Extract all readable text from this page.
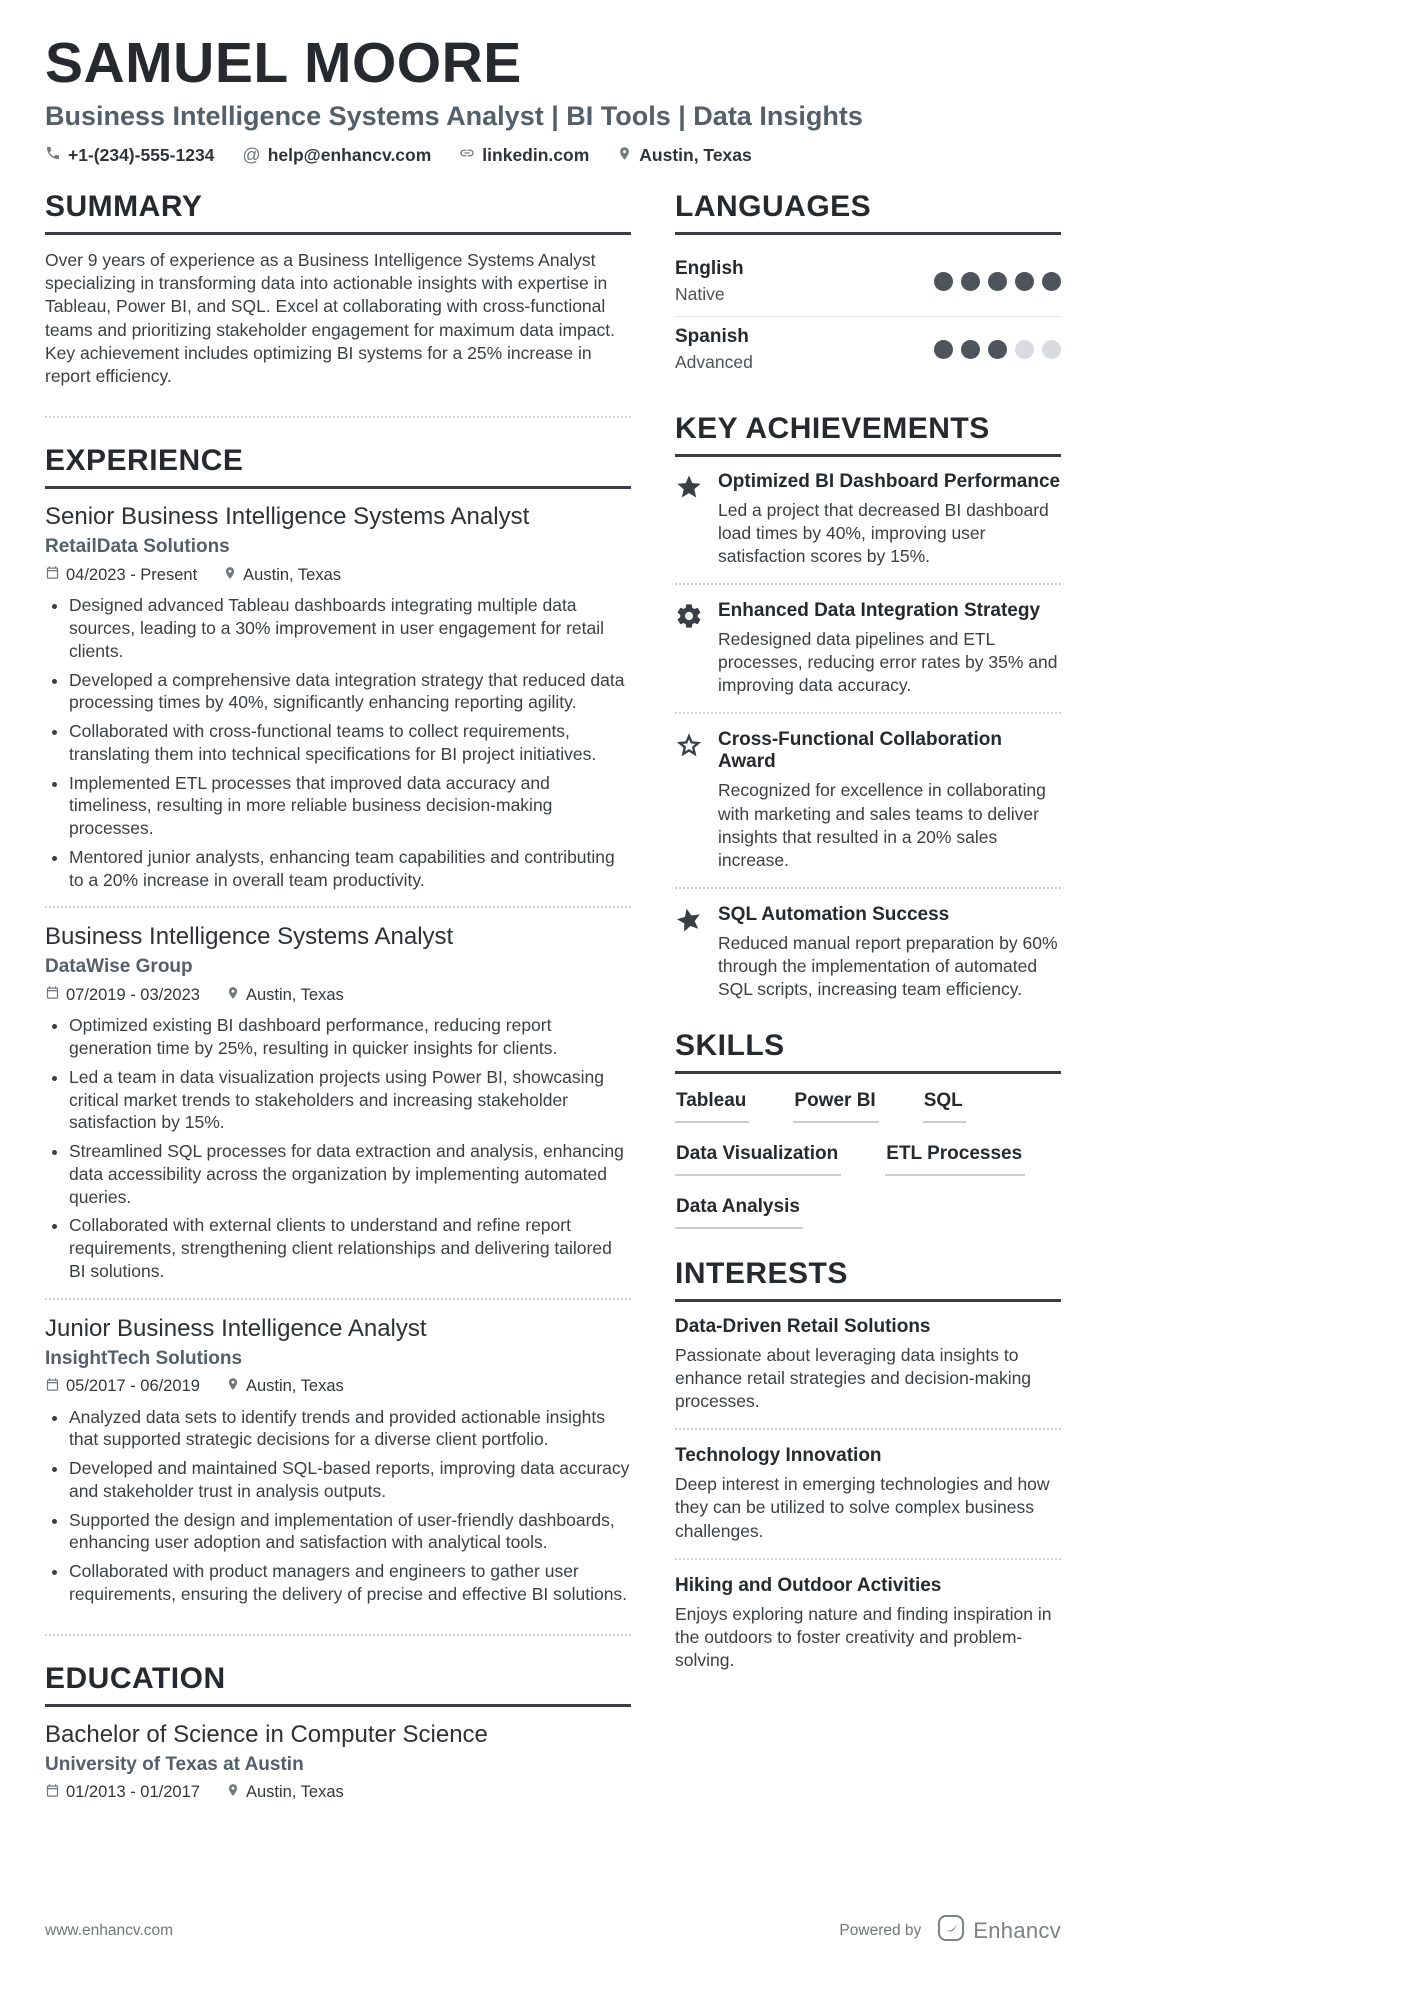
SAMUEL MOORE
Business Intelligence Systems Analyst | BI Tools | Data Insights
+1-(234)-555-1234 @ help@enhancv.com	linkedin.com	Austin, Texas
SUMMARY

Over 9 years of experience as a Business Intelligence Systems Analyst specializing in transforming data into actionable insights with expertise in Tableau, Power BI, and SQL. Excel at collaborating with cross-functional teams and prioritizing stakeholder engagement for maximum data impact. Key achievement includes optimizing BI systems for a 25% increase in report efficiency.

EXPERIENCE
Senior Business Intelligence Systems Analyst
RetailData Solutions
04/2023 - Present	Austin, Texas
• Designed advanced Tableau dashboards integrating multiple data sources, leading to a 30% improvement in user engagement for retail clients.
• Developed a comprehensive data integration strategy that reduced data processing times by 40%, significantly enhancing reporting agility.
• Collaborated with cross-functional teams to collect requirements, translating them into technical specifications for BI project initiatives.
• Implemented ETL processes that improved data accuracy and timeliness, resulting in more reliable business decision-making processes.
• Mentored junior analysts, enhancing team capabilities and contributing to a 20% increase in overall team productivity.
Business Intelligence Systems Analyst
DataWise Group
07/2019 - 03/2023	Austin, Texas
• Optimized existing BI dashboard performance, reducing report generation time by 25%, resulting in quicker insights for clients.
• Led a team in data visualization projects using Power BI, showcasing critical market trends to stakeholders and increasing stakeholder satisfaction by 15%.
• Streamlined SQL processes for data extraction and analysis, enhancing data accessibility across the organization by implementing automated queries.
• Collaborated with external clients to understand and refine report requirements, strengthening client relationships and delivering tailored BI solutions.
Junior Business Intelligence Analyst
InsightTech Solutions
05/2017 - 06/2019	Austin, Texas
• Analyzed data sets to identify trends and provided actionable insights that supported strategic decisions for a diverse client portfolio.
• Developed and maintained SQL-based reports, improving data accuracy and stakeholder trust in analysis outputs.
• Supported the design and implementation of user-friendly dashboards, enhancing user adoption and satisfaction with analytical tools.
• Collaborated with product managers and engineers to gather user requirements, ensuring the delivery of precise and effective BI solutions.
EDUCATION
Bachelor of Science in Computer Science
University of Texas at Austin
01/2013 - 01/2017	Austin, Texas
LANGUAGES
English
Native
Spanish
Advanced
KEY ACHIEVEMENTS

Optimized BI Dashboard Performance

Led a project that decreased BI dashboard load times by 40%, improving user satisfaction scores by 15%.

Enhanced Data Integration Strategy

Redesigned data pipelines and ETL processes, reducing error rates by 35% and improving data accuracy.

Cross-Functional Collaboration Award

Recognized for excellence in collaborating with marketing and sales teams to deliver insights that resulted in a 20% sales increase.

SQL Automation Success

Reduced manual report preparation by 60% through the implementation of automated SQL scripts, increasing team efficiency.

SKILLS
Tableau	Power BI	SQL
Data Visualization	ETL Processes
Data Analysis
INTERESTS

Data-Driven Retail Solutions

Passionate about leveraging data insights to enhance retail strategies and decision-making processes.

Technology Innovation

Deep interest in emerging technologies and how they can be utilized to solve complex business challenges.

Hiking and Outdoor Activities

Enjoys exploring nature and finding inspiration in the outdoors to foster creativity and problem-solving.

www.enhancv.com	Powered by Enhancv
